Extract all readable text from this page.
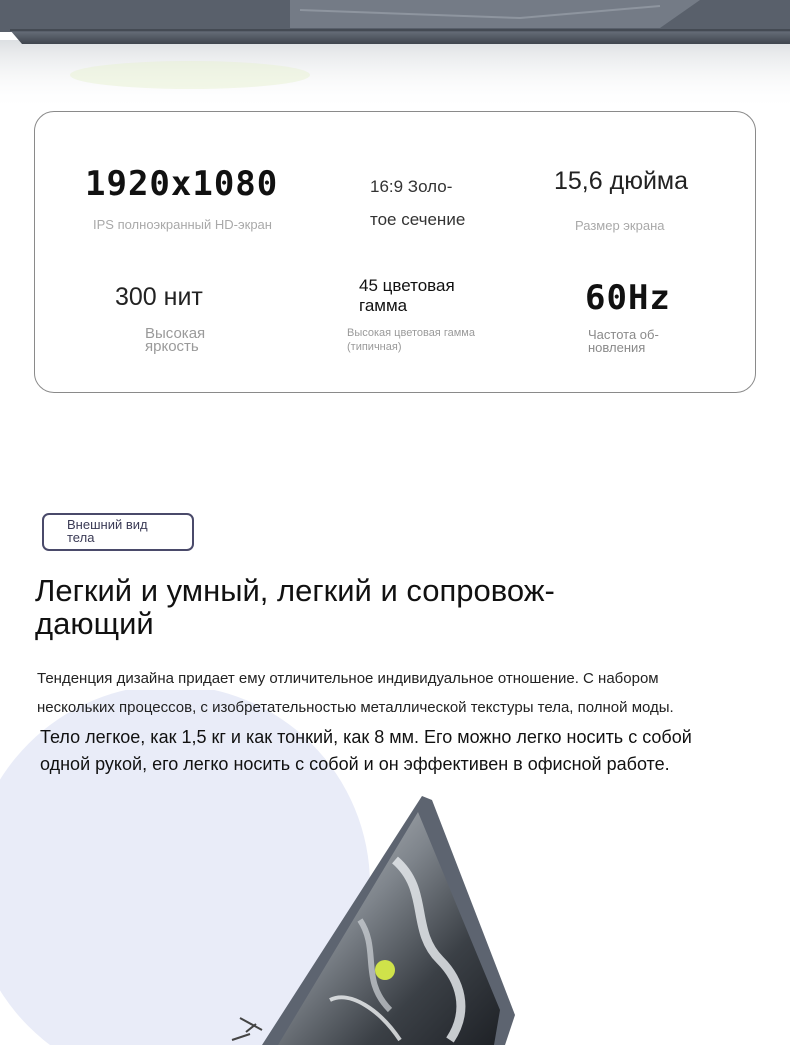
1920x1080
IPS полноэкранный HD-экран
16:9 Золо-
тое сечение
15,6 дюйма
Размер экрана
300 нит
Высокая
яркость
45 цветовая
гамма
Высокая цветовая гамма
(типичная)
60Hz
Частота об-
новления
Внешний вид
тела
Легкий и умный, легкий и сопровож-
дающий
Тенденция дизайна придает ему отличительное индивидуальное отношение. С набором
нескольких процессов, с изобретательностью металлической текстуры тела, полной моды.
Тело легкое, как 1,5 кг и как тонкий, как 8 мм. Его можно легко носить с собой
одной рукой, его легко носить с собой и он эффективен в офисной работе.
